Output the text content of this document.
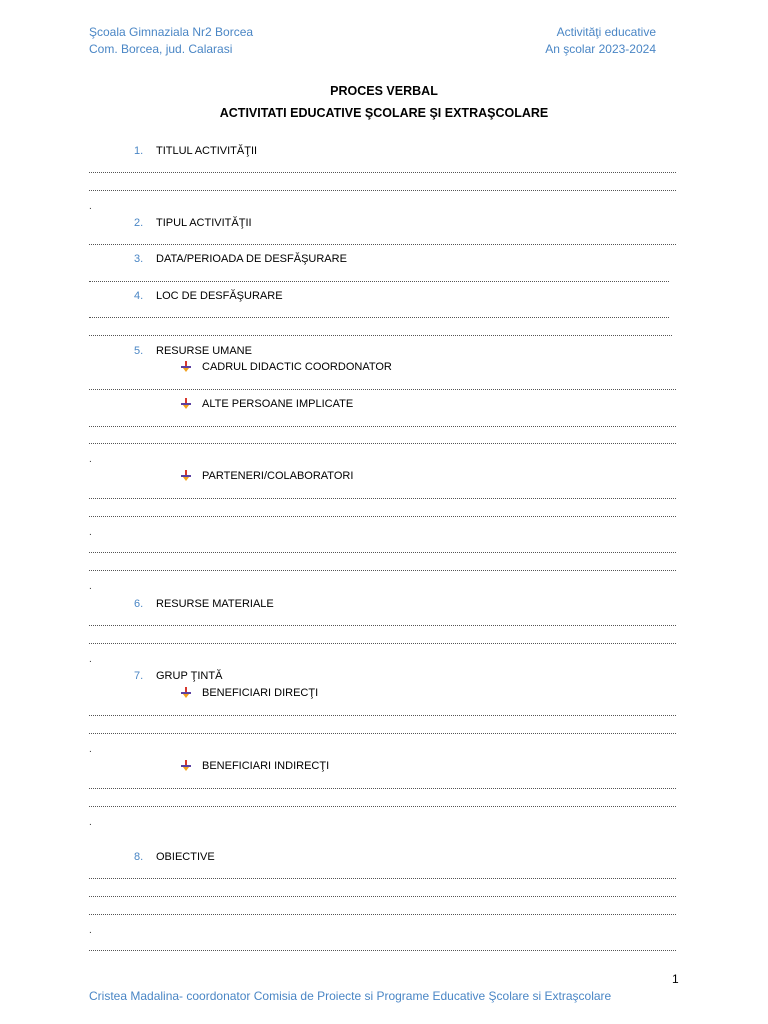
Şcoala Gimnaziala Nr2 Borcea
Com. Borcea, jud. Calarasi
Activităţi educative
An şcolar 2023-2024
PROCES VERBAL
ACTIVITATI EDUCATIVE ŞCOLARE ŞI EXTRAŞCOLARE
1. TITLUL ACTIVITĂŢII
.
2. TIPUL ACTIVITĂŢII
3. DATA/PERIOADA DE DESFĂŞURARE
4. LOC DE DESFĂŞURARE
5. RESURSE UMANE
CADRUL DIDACTIC COORDONATOR
ALTE PERSOANE IMPLICATE
.
PARTENERI/COLABORATORI
.
.
6. RESURSE MATERIALE
.
7. GRUP ŢINTĂ
BENEFICIARI DIRECŢI
.
BENEFICIARI INDIRECŢI
.
8. OBIECTIVE
.
1
Cristea Madalina- coordonator Comisia de Proiecte si Programe Educative Şcolare si Extraşcolare
